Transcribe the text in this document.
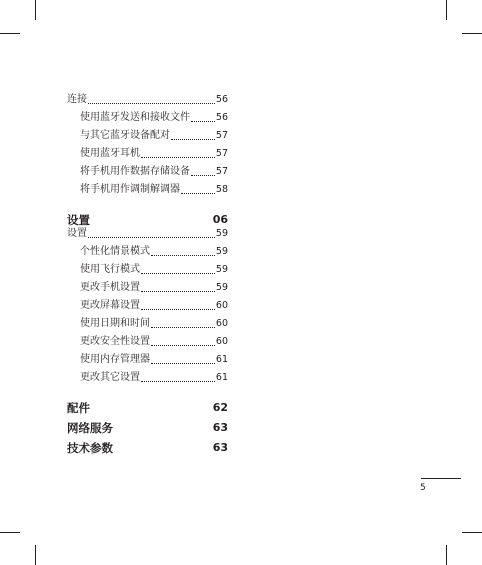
连接	56
使用蓝牙发送和接收文件	56
与其它蓝牙设备配对	57
使用蓝牙耳机	57
将手机用作数据存储设备	57
将手机用作调制解调器	58
设置	06
设置	59
个性化情景模式	59
使用飞行模式	59
更改手机设置	59
更改屏幕设置	60
使用日期和时间	60
更改安全性设置	60
使用内存管理器	61
更改其它设置	61
配件	62
网络服务	63
技术参数	63
5
